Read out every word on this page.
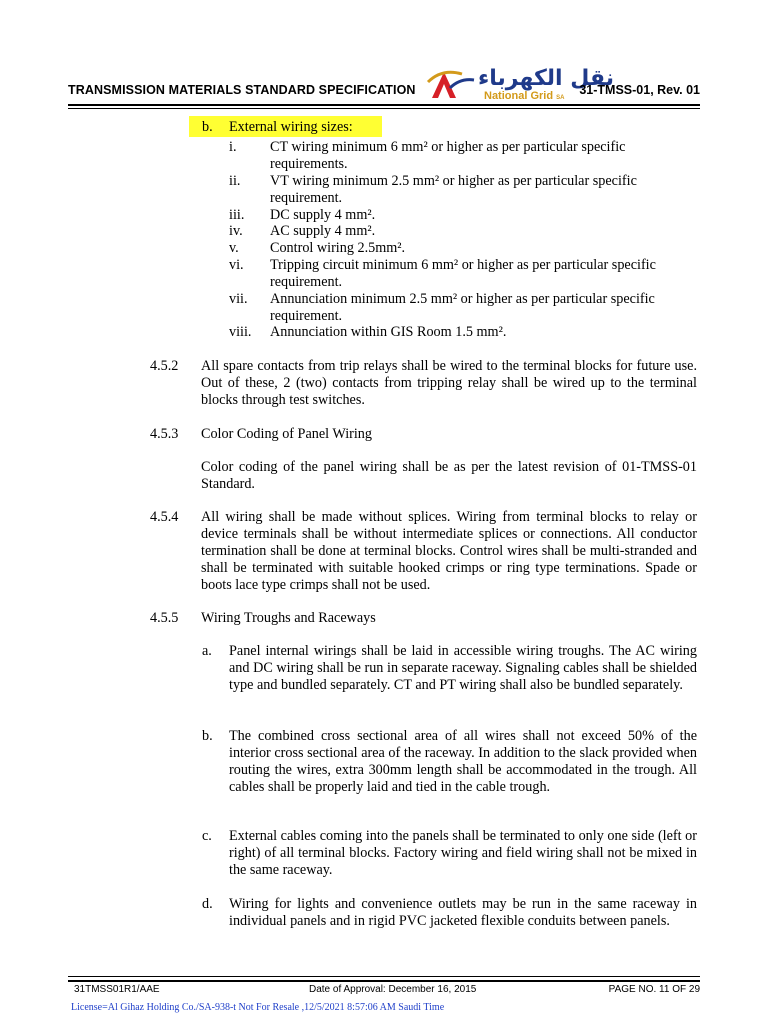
TRANSMISSION MATERIALS STANDARD SPECIFICATION	نقل الكهرباء
National Grid SA
31-TMSS-01, Rev. 01
b. External wiring sizes:
i. CT wiring minimum 6 mm² or higher as per particular specific
requirements.
ii. VT wiring minimum 2.5 mm² or higher as per particular specific
requirement.
iii. DC supply 4 mm².
iv. AC supply 4 mm².
v. Control wiring 2.5mm².
vi. Tripping circuit minimum 6 mm² or higher as per particular specific
requirement.
vii. Annunciation minimum 2.5 mm² or higher as per particular specific
requirement.
viii. Annunciation within GIS Room 1.5 mm².
4.5.2 All spare contacts from trip relays shall be wired to the terminal blocks for future use. Out of these, 2 (two) contacts from tripping relay shall be wired up to the terminal blocks through test switches.
4.5.3 Color Coding of Panel Wiring
Color coding of the panel wiring shall be as per the latest revision of 01-TMSS-01 Standard.
4.5.4 All wiring shall be made without splices. Wiring from terminal blocks to relay or device terminals shall be without intermediate splices or connections. All conductor termination shall be done at terminal blocks. Control wires shall be multi-stranded and shall be terminated with suitable hooked crimps or ring type terminations. Spade or boots lace type crimps shall not be used.
4.5.5 Wiring Troughs and Raceways
a. Panel internal wirings shall be laid in accessible wiring troughs. The AC wiring and DC wiring shall be run in separate raceway. Signaling cables shall be shielded type and bundled separately. CT and PT wiring shall also be bundled separately.
b. The combined cross sectional area of all wires shall not exceed 50% of the interior cross sectional area of the raceway. In addition to the slack provided when routing the wires, extra 300mm length shall be accommodated in the trough. All cables shall be properly laid and tied in the cable trough.
c. External cables coming into the panels shall be terminated to only one side (left or right) of all terminal blocks. Factory wiring and field wiring shall not be mixed in the same raceway.
d. Wiring for lights and convenience outlets may be run in the same raceway in individual panels and in rigid PVC jacketed flexible conduits between panels.
31TMSS01R1/AAE	Date of Approval: December 16, 2015	PAGE NO. 11 OF 29
License=Al Gihaz Holding Co./SA-938-t Not For Resale ,12/5/2021 8:57:06 AM Saudi Time
